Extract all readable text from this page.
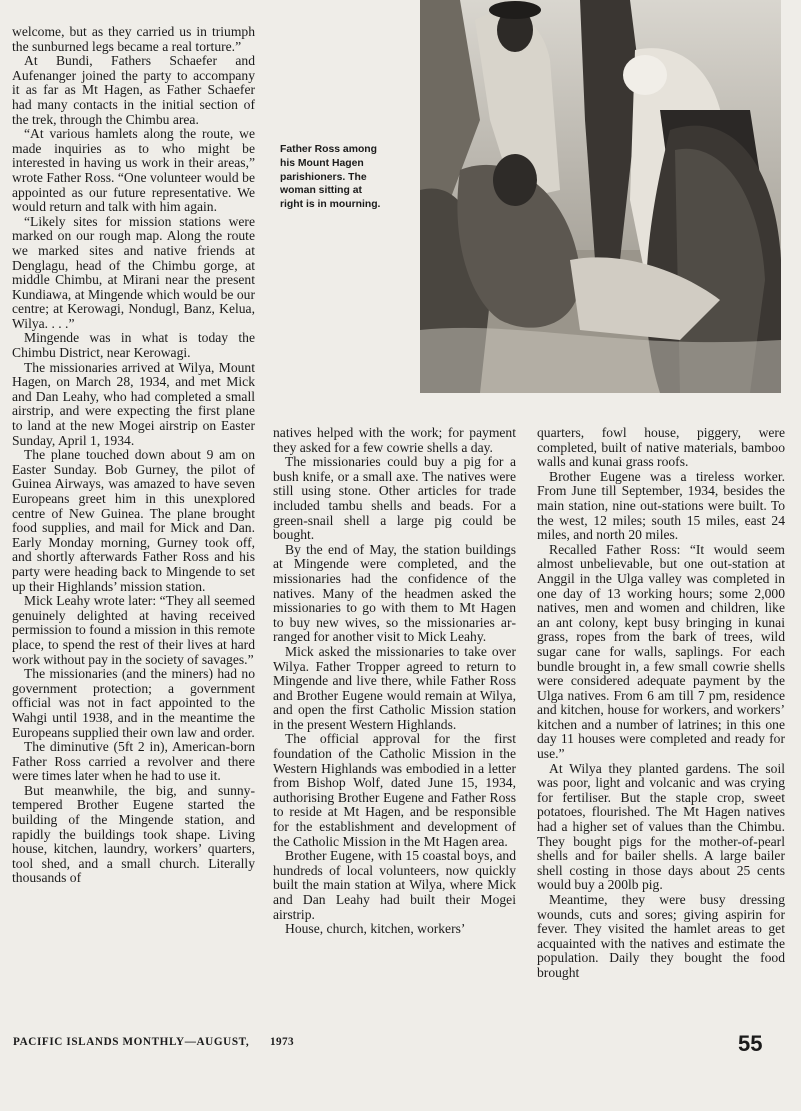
Father Ross among
his Mount Hagen
parishioners. The
woman sitting at
right is in mourning.

welcome, but as they carried us in triumph the sunburned legs became a real torture.”

At Bundi, Fathers Schaefer and Aufenanger joined the party to accompany it as far as Mt Hagen, as Father Schaefer had many contacts in the initial section of the trek, through the Chimbu area.

“At various hamlets along the route, we made inquiries as to who might be interested in having us work in their areas,” wrote Father Ross. “One volunteer would be appointed as our future representative. We would return and talk with him again.

“Likely sites for mission stations were marked on our rough map. Along the route we marked sites and native friends at Denglagu, head of the Chimbu gorge, at middle Chimbu, at Mirani near the present Kundiawa, at Mingende which would be our centre; at Kerowagi, Nondugl, Banz, Kelua, Wilya. . . .”

Mingende was in what is today the Chimbu District, near Kerowagi.

The missionaries arrived at Wilya, Mount Hagen, on March 28, 1934, and met Mick and Dan Leahy, who had completed a small airstrip, and were expecting the first plane to land at the new Mogei airstrip on Easter Sunday, April 1, 1934.

The plane touched down about 9 am on Easter Sunday. Bob Gurney, the pilot of Guinea Airways, was amazed to have seven Europeans greet him in this unexplored centre of New Guinea. The plane brought food supplies, and mail for Mick and Dan. Early Monday morning, Gurney took off, and shortly afterwards Father Ross and his party were heading back to Mingende to set up their Highlands’ mission station.

Mick Leahy wrote later: “They all seemed genuinely delighted at having received permission to found a mission in this remote place, to spend the rest of their lives at hard work without pay in the society of savages.”

The missionaries (and the miners) had no government protection; a government official was not in fact appointed to the Wahgi until 1938, and in the meantime the Europeans supplied their own law and order.

The diminutive (5ft 2 in), American-born Father Ross carried a revolver and there were times later when he had to use it.

But meanwhile, the big, and sunny-tempered Brother Eugene started the building of the Mingende station, and rapidly the buildings took shape. Living house, kitchen, laundry, workers’ quarters, tool shed, and a small church. Literally thousands of

natives helped with the work; for payment they asked for a few cowrie shells a day.

The missionaries could buy a pig for a bush knife, or a small axe. The natives were still using stone. Other articles for trade included tambu shells and beads. For a green-snail shell a large pig could be bought.

By the end of May, the station buildings at Mingende were completed, and the missionaries had the confidence of the natives. Many of the headmen asked the missionaries to go with them to Mt Hagen to buy new wives, so the missionaries arranged for another visit to Mick Leahy.

Mick asked the missionaries to take over Wilya. Father Tropper agreed to return to Mingende and live there, while Father Ross and Brother Eugene would remain at Wilya, and open the first Catholic Mission station in the present Western Highlands.

The official approval for the first foundation of the Catholic Mission in the Western Highlands was embodied in a letter from Bishop Wolf, dated June 15, 1934, authorising Brother Eugene and Father Ross to reside at Mt Hagen, and be responsible for the establishment and development of the Catholic Mission in the Mt Hagen area.

Brother Eugene, with 15 coastal boys, and hundreds of local volunteers, now quickly built the main station at Wilya, where Mick and Dan Leahy had built their Mogei airstrip.

House, church, kitchen, workers’

quarters, fowl house, piggery, were completed, built of native materials, bamboo walls and kunai grass roofs.

Brother Eugene was a tireless worker. From June till September, 1934, besides the main station, nine out-stations were built. To the west, 12 miles; south 15 miles, east 24 miles, and north 20 miles.

Recalled Father Ross: “It would seem almost unbelievable, but one out-station at Anggil in the Ulga valley was completed in one day of 13 working hours; some 2,000 natives, men and women and children, like an ant colony, kept busy bringing in kunai grass, ropes from the bark of trees, wild sugar cane for walls, saplings. For each bundle brought in, a few small cowrie shells were considered adequate payment by the Ulga natives. From 6 am till 7 pm, residence and kitchen, house for workers, and workers’ kitchen and a number of latrines; in this one day 11 houses were completed and ready for use.”

At Wilya they planted gardens. The soil was poor, light and volcanic and was crying for fertiliser. But the staple crop, sweet potatoes, flourished. The Mt Hagen natives had a higher set of values than the Chimbu. They bought pigs for the mother-of-pearl shells and for bailer shells. A large bailer shell costing in those days about 25 cents would buy a 200lb pig.

Meantime, they were busy dressing wounds, cuts and sores; giving aspirin for fever. They visited the hamlet areas to get acquainted with the natives and estimate the population. Daily they bought the food brought

PACIFIC ISLANDS MONTHLY—AUGUST, 1973	55
